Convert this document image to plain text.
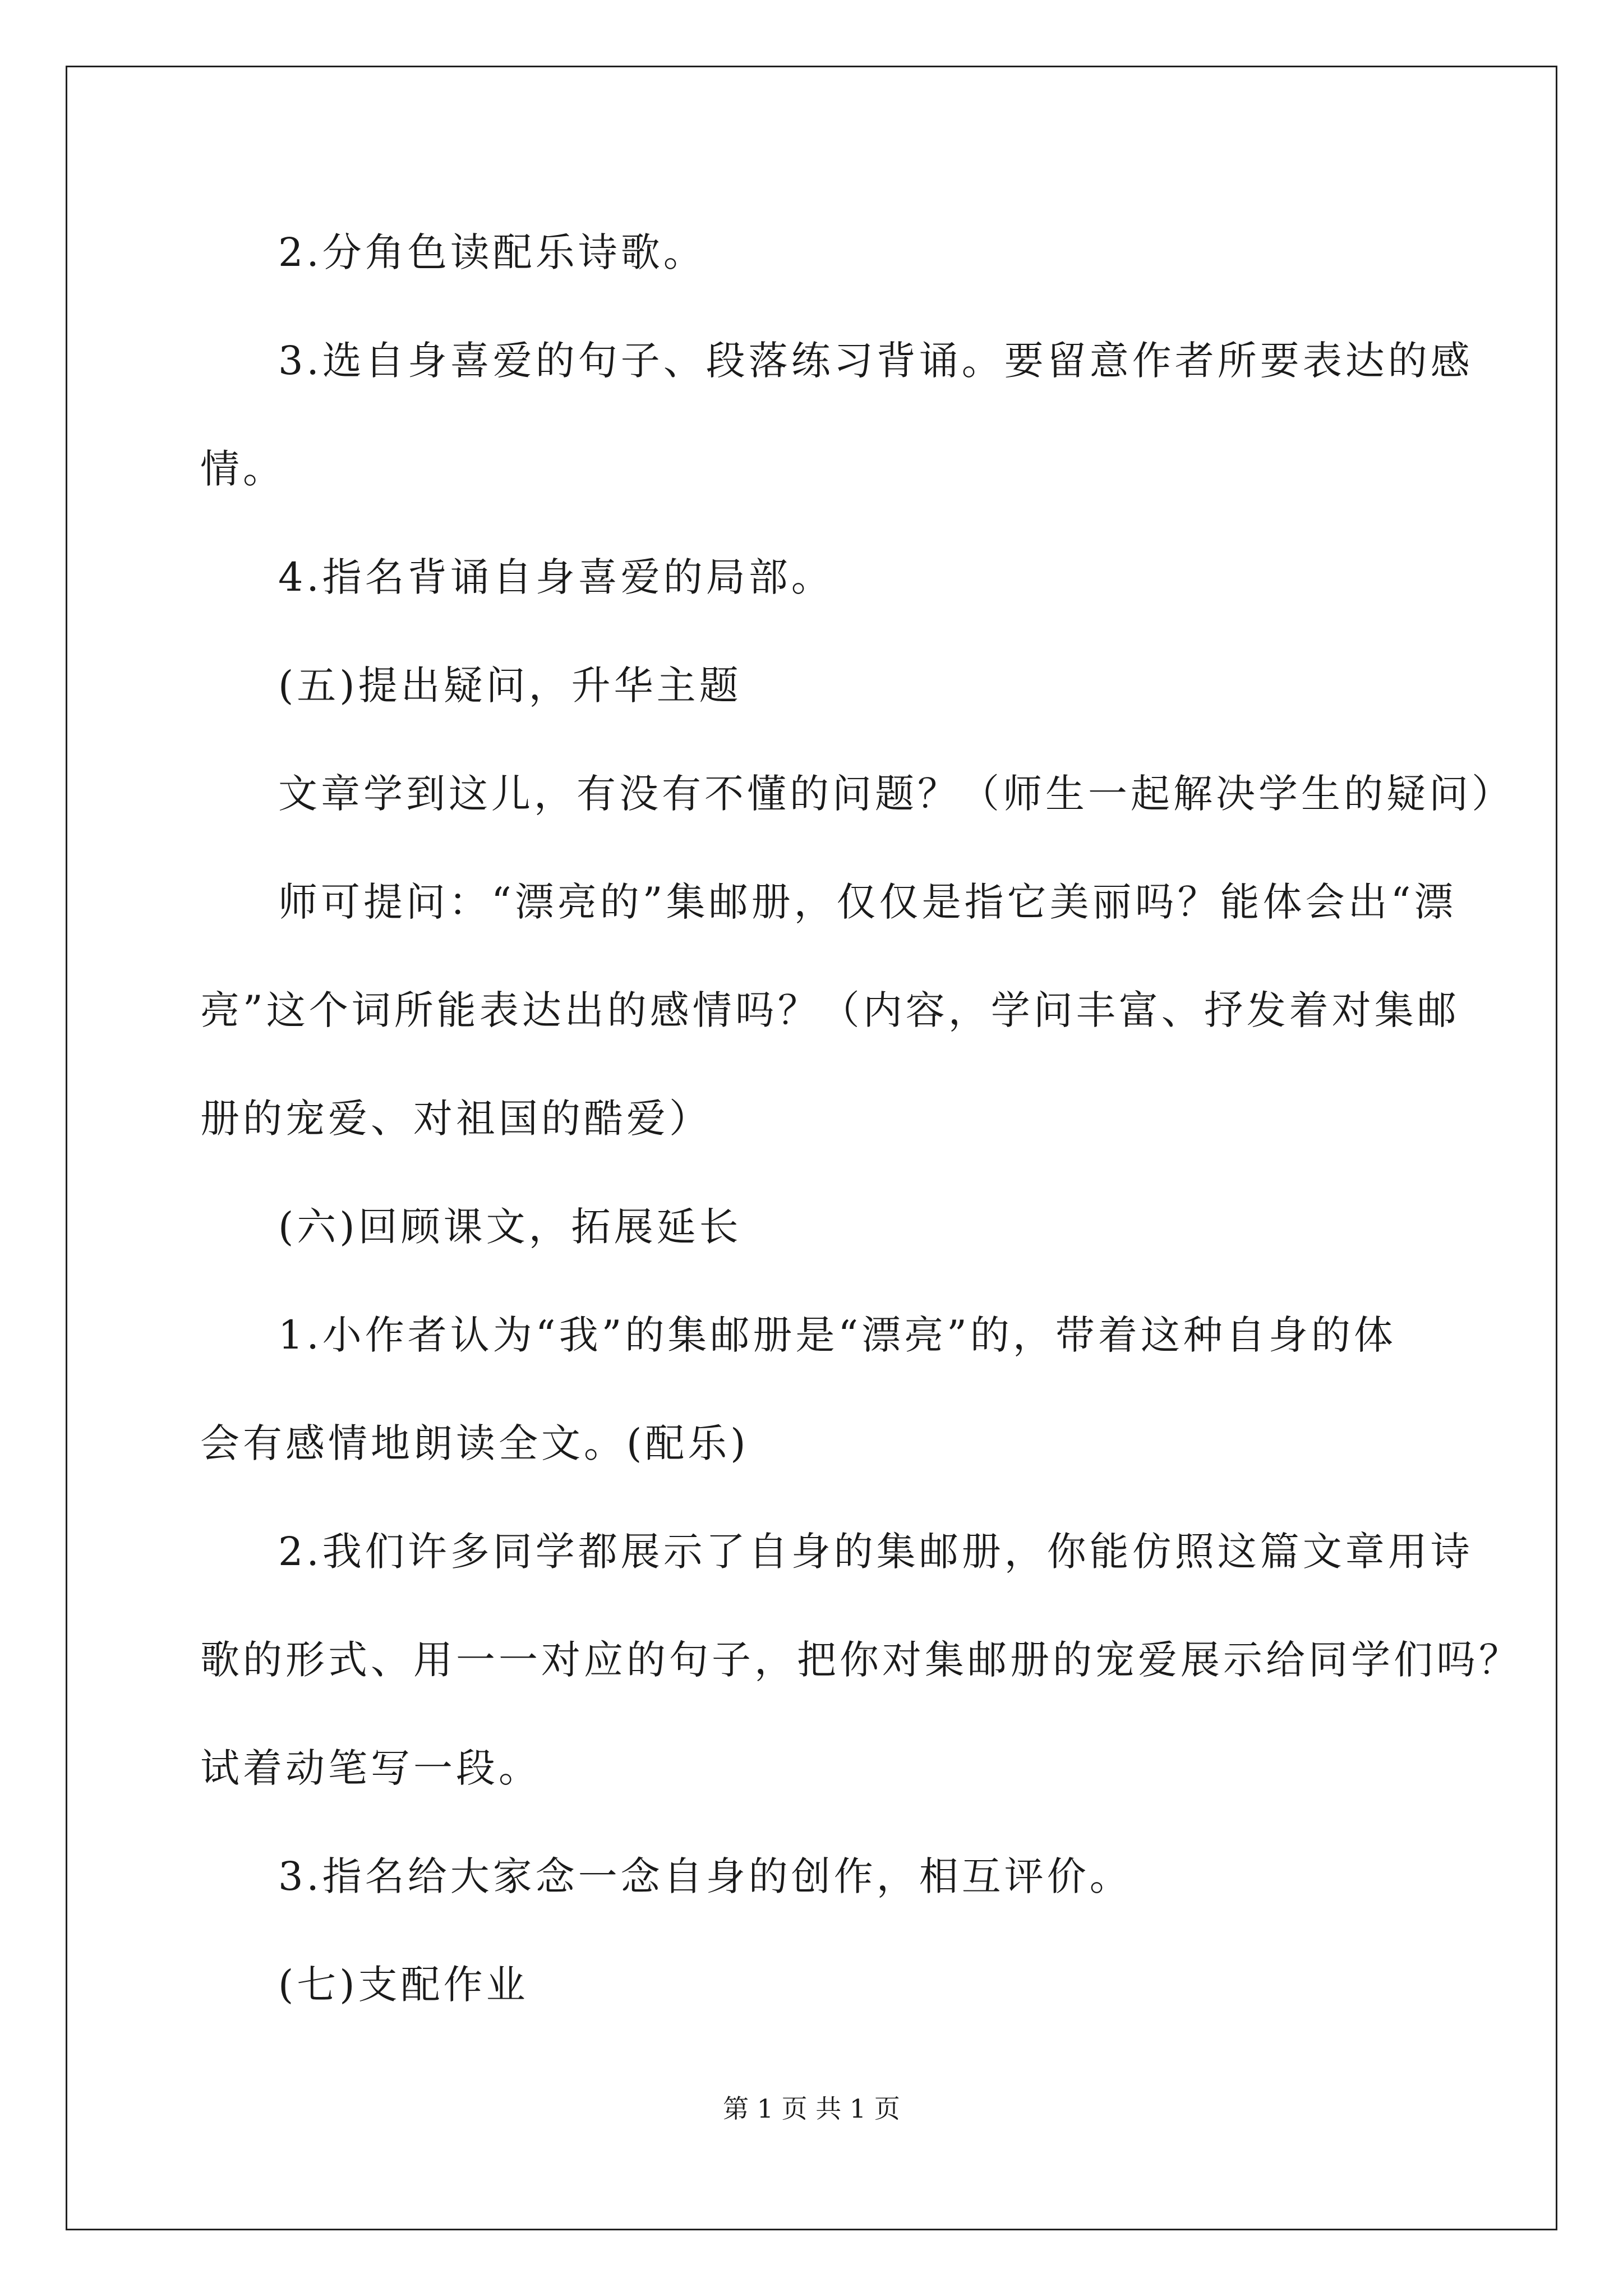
2.分角色读配乐诗歌。
3.选自身喜爱的句子、段落练习背诵。要留意作者所要表达的感
情。
4.指名背诵自身喜爱的局部。
(五)提出疑问，升华主题
文章学到这儿，有没有不懂的问题？（师生一起解决学生的疑问）
师可提问：“漂亮的”集邮册，仅仅是指它美丽吗？能体会出“漂
亮”这个词所能表达出的感情吗？（内容，学问丰富、抒发着对集邮
册的宠爱、对祖国的酷爱）
(六)回顾课文，拓展延长
1.小作者认为“我”的集邮册是“漂亮”的，带着这种自身的体
会有感情地朗读全文。(配乐)
2.我们许多同学都展示了自身的集邮册，你能仿照这篇文章用诗
歌的形式、用一一对应的句子，把你对集邮册的宠爱展示给同学们吗？
试着动笔写一段。
3.指名给大家念一念自身的创作，相互评价。
(七)支配作业
第 1 页 共 1 页
